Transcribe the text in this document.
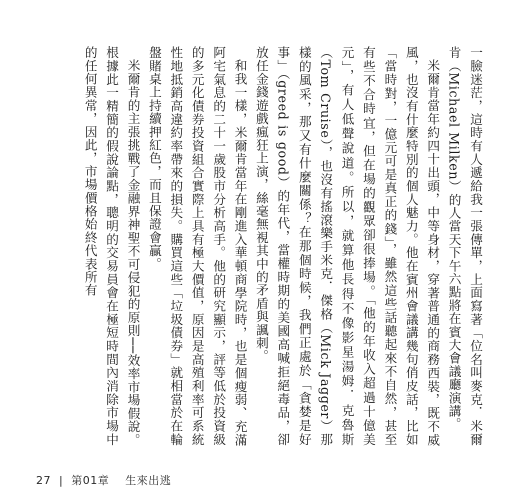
一臉迷茫，這時有人遞給我一張傳單，上面寫著「位名叫麥克．米爾肯（Michael Milken）的人當天下午六點將在賓大會議廳演講。

米爾肯當年約四十出頭，中等身材，穿著普通的商務西裝，既不威風，也沒有什麼特別的個人魅力。他在賓州會議講幾句俏皮話，比如「當時對，一億元可是真正的錢」，雖然這些話聽起來不自然，甚至有些不合時宜，但在場的觀眾卻很捧場。「他的年收入超過十億美元」，有人低聲說道。所以，就算他長得不像影星湯姆．克魯斯（Tom Cruise），也沒有搖滾樂手米克．傑格（Mick Jagger）那樣的風采，那又有什麼關係？在那個時候，我們正處於「貪婪是好事」（greed is good）的年代，當權時期的美國高喊拒絕毒品，卻放任金錢遊戲瘋狂上演，絲毫無視其中的矛盾與諷刺。

和我一樣，米爾肯當年在剛進入華頓商學院時，也是個瘦弱、充滿阿宅氣息的二十一歲股市分析高手。他的研究顯示，評等低於投資級的多元化債券投資組合實際上具有極大價值，原因是高殖利率可系統性地抵銷高違約率帶來的損失。購買這些「垃圾債券」就相當於在輪盤賭桌上持續押紅色，而且保證會贏。

米爾肯的主張挑戰了金融界神聖不可侵犯的原則──效率市場假說。根據此一精簡的假說論點，聰明的交易員會在極短時間內消除市場中的任何異常，因此，市場價格始終代表所有

27 | 第01章 生來出逃
